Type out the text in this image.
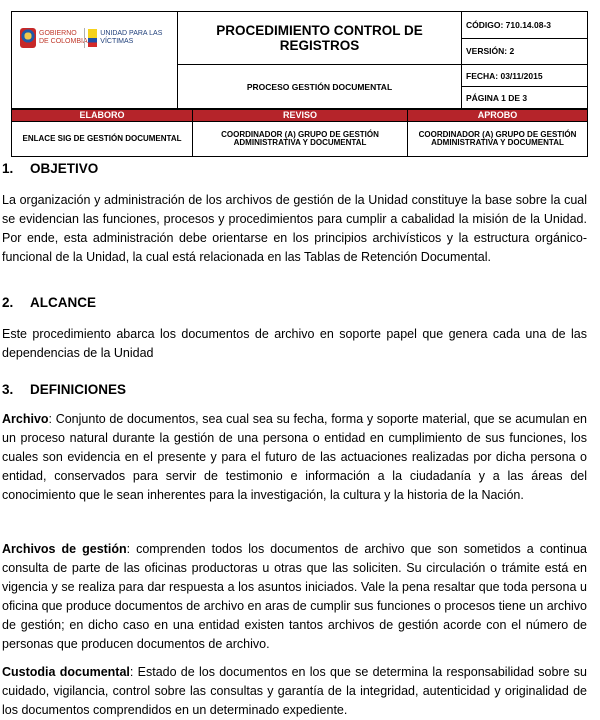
GOBIERNO
DE COLOMBIA
UNIDAD PARA LAS VÍCTIMAS	PROCEDIMIENTO CONTROL DE REGISTROS	CÓDIGO: 710.14.08-3
		VERSIÓN: 2
	PROCESO GESTIÓN DOCUMENTAL	FECHA: 03/11/2015
		PÁGINA 1 DE 3
ELABORO	REVISO	APROBO
ENLACE SIG DE GESTIÓN DOCUMENTAL	COORDINADOR (A) GRUPO DE GESTIÓN ADMINISTRATIVA Y DOCUMENTAL	COORDINADOR (A) GRUPO DE GESTIÓN ADMINISTRATIVA Y DOCUMENTAL
1. OBJETIVO

La organización y administración de los archivos de gestión de la Unidad constituye la base sobre la cual se evidencian las funciones, procesos y procedimientos para cumplir a cabalidad la misión de la Unidad. Por ende, esta administración debe orientarse en los principios archivísticos y la estructura orgánico-funcional de la Unidad, la cual está relacionada en las Tablas de Retención Documental.

2. ALCANCE

Este procedimiento abarca los documentos de archivo en soporte papel que genera cada una de las dependencias de la Unidad

3. DEFINICIONES

Archivo: Conjunto de documentos, sea cual sea su fecha, forma y soporte material, que se acumulan en un proceso natural durante la gestión de una persona o entidad en cumplimiento de sus funciones, los cuales son evidencia en el presente y para el futuro de las actuaciones realizadas por dicha persona o entidad, conservados para servir de testimonio e información a la ciudadanía y a las áreas del conocimiento que le sean inherentes para la investigación, la cultura y la historia de la Nación.

Archivos de gestión: comprenden todos los documentos de archivo que son sometidos a continua consulta de parte de las oficinas productoras u otras que las soliciten. Su circulación o trámite está en vigencia y se realiza para dar respuesta a los asuntos iniciados. Vale la pena resaltar que toda persona u oficina que produce documentos de archivo en aras de cumplir sus funciones o procesos tiene un archivo de gestión; en dicho caso en una entidad existen tantos archivos de gestión acorde con el número de personas que producen documentos de archivo.

Custodia documental: Estado de los documentos en los que se determina la responsabilidad sobre su cuidado, vigilancia, control sobre las consultas y garantía de la integridad, autenticidad y originalidad de los documentos comprendidos en un determinado expediente.
